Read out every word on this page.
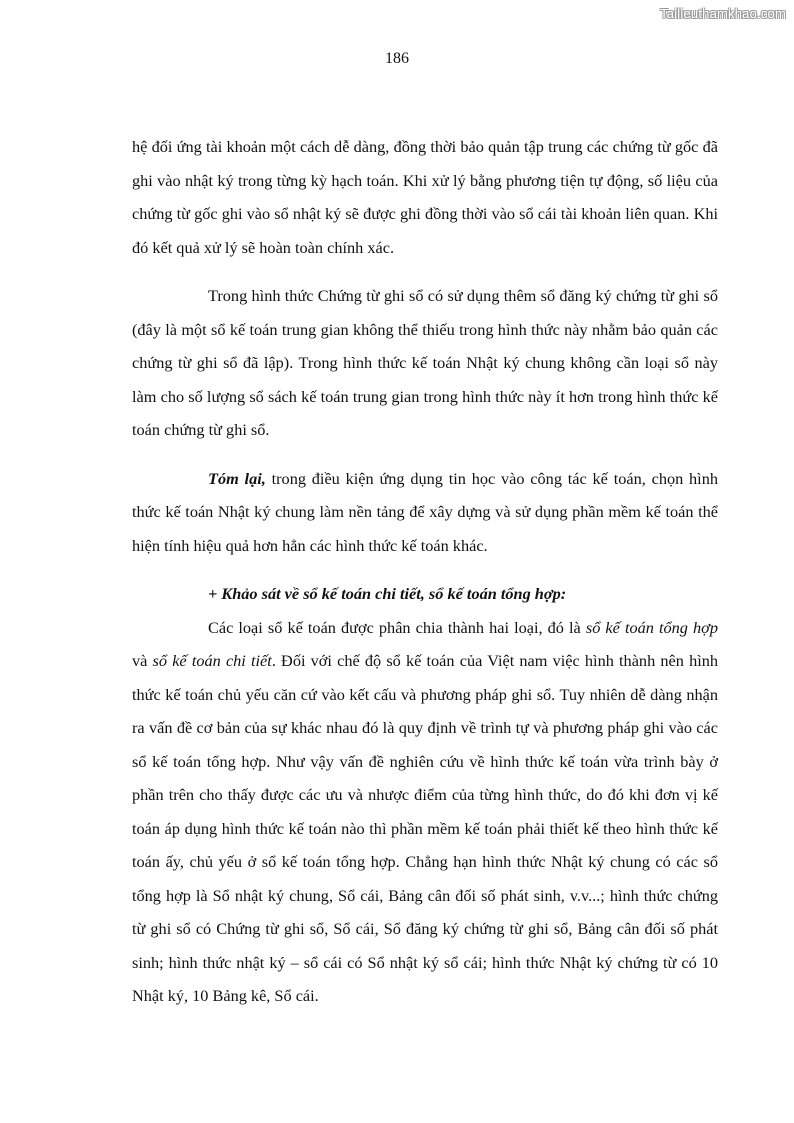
Tailieuthamkhao.com
186

hệ đối ứng tài khoản một cách dễ dàng, đồng thời bảo quản tập trung các chứng từ gốc đã ghi vào nhật ký trong từng kỳ hạch toán. Khi xử lý bằng phương tiện tự động, số liệu của chứng từ gốc ghi vào sổ nhật ký sẽ được ghi đồng thời vào sổ cái tài khoản liên quan. Khi đó kết quả xử lý sẽ hoàn toàn chính xác.

Trong hình thức Chứng từ ghi sổ có sử dụng thêm sổ đăng ký chứng từ ghi sổ (đây là một sổ kế toán trung gian không thể thiếu trong hình thức này nhằm bảo quản các chứng từ ghi sổ đã lập). Trong hình thức kế toán Nhật ký chung không cần loại sổ này làm cho số lượng sổ sách kế toán trung gian trong hình thức này ít hơn trong hình thức kế toán chứng từ ghi sổ.

Tóm lại, trong điều kiện ứng dụng tin học vào công tác kế toán, chọn hình thức kế toán Nhật ký chung làm nền tảng để xây dựng và sử dụng phần mềm kế toán thể hiện tính hiệu quả hơn hẳn các hình thức kế toán khác.

+ Khảo sát về sổ kế toán chi tiết, sổ kế toán tổng hợp:

Các loại sổ kế toán được phân chia thành hai loại, đó là sổ kế toán tổng hợp và sổ kế toán chi tiết. Đối với chế độ sổ kế toán của Việt nam việc hình thành nên hình thức kế toán chủ yếu căn cứ vào kết cấu và phương pháp ghi sổ. Tuy nhiên dễ dàng nhận ra vấn đề cơ bản của sự khác nhau đó là quy định về trình tự và phương pháp ghi vào các sổ kế toán tổng hợp. Như vậy vấn đề nghiên cứu về hình thức kế toán vừa trình bày ở phần trên cho thấy được các ưu và nhược điểm của từng hình thức, do đó khi đơn vị kế toán áp dụng hình thức kế toán nào thì phần mềm kế toán phải thiết kế theo hình thức kế toán ấy, chủ yếu ở sổ kế toán tổng hợp. Chẳng hạn hình thức Nhật ký chung có các sổ tổng hợp là Sổ nhật ký chung, Sổ cái, Bảng cân đối số phát sinh, v.v...; hình thức chứng từ ghi sổ có Chứng từ ghi sổ, Sổ cái, Sổ đăng ký chứng từ ghi sổ, Bảng cân đối số phát sinh; hình thức nhật ký – sổ cái có Sổ nhật ký sổ cái; hình thức Nhật ký chứng từ có 10 Nhật ký, 10 Bảng kê, Sổ cái.
